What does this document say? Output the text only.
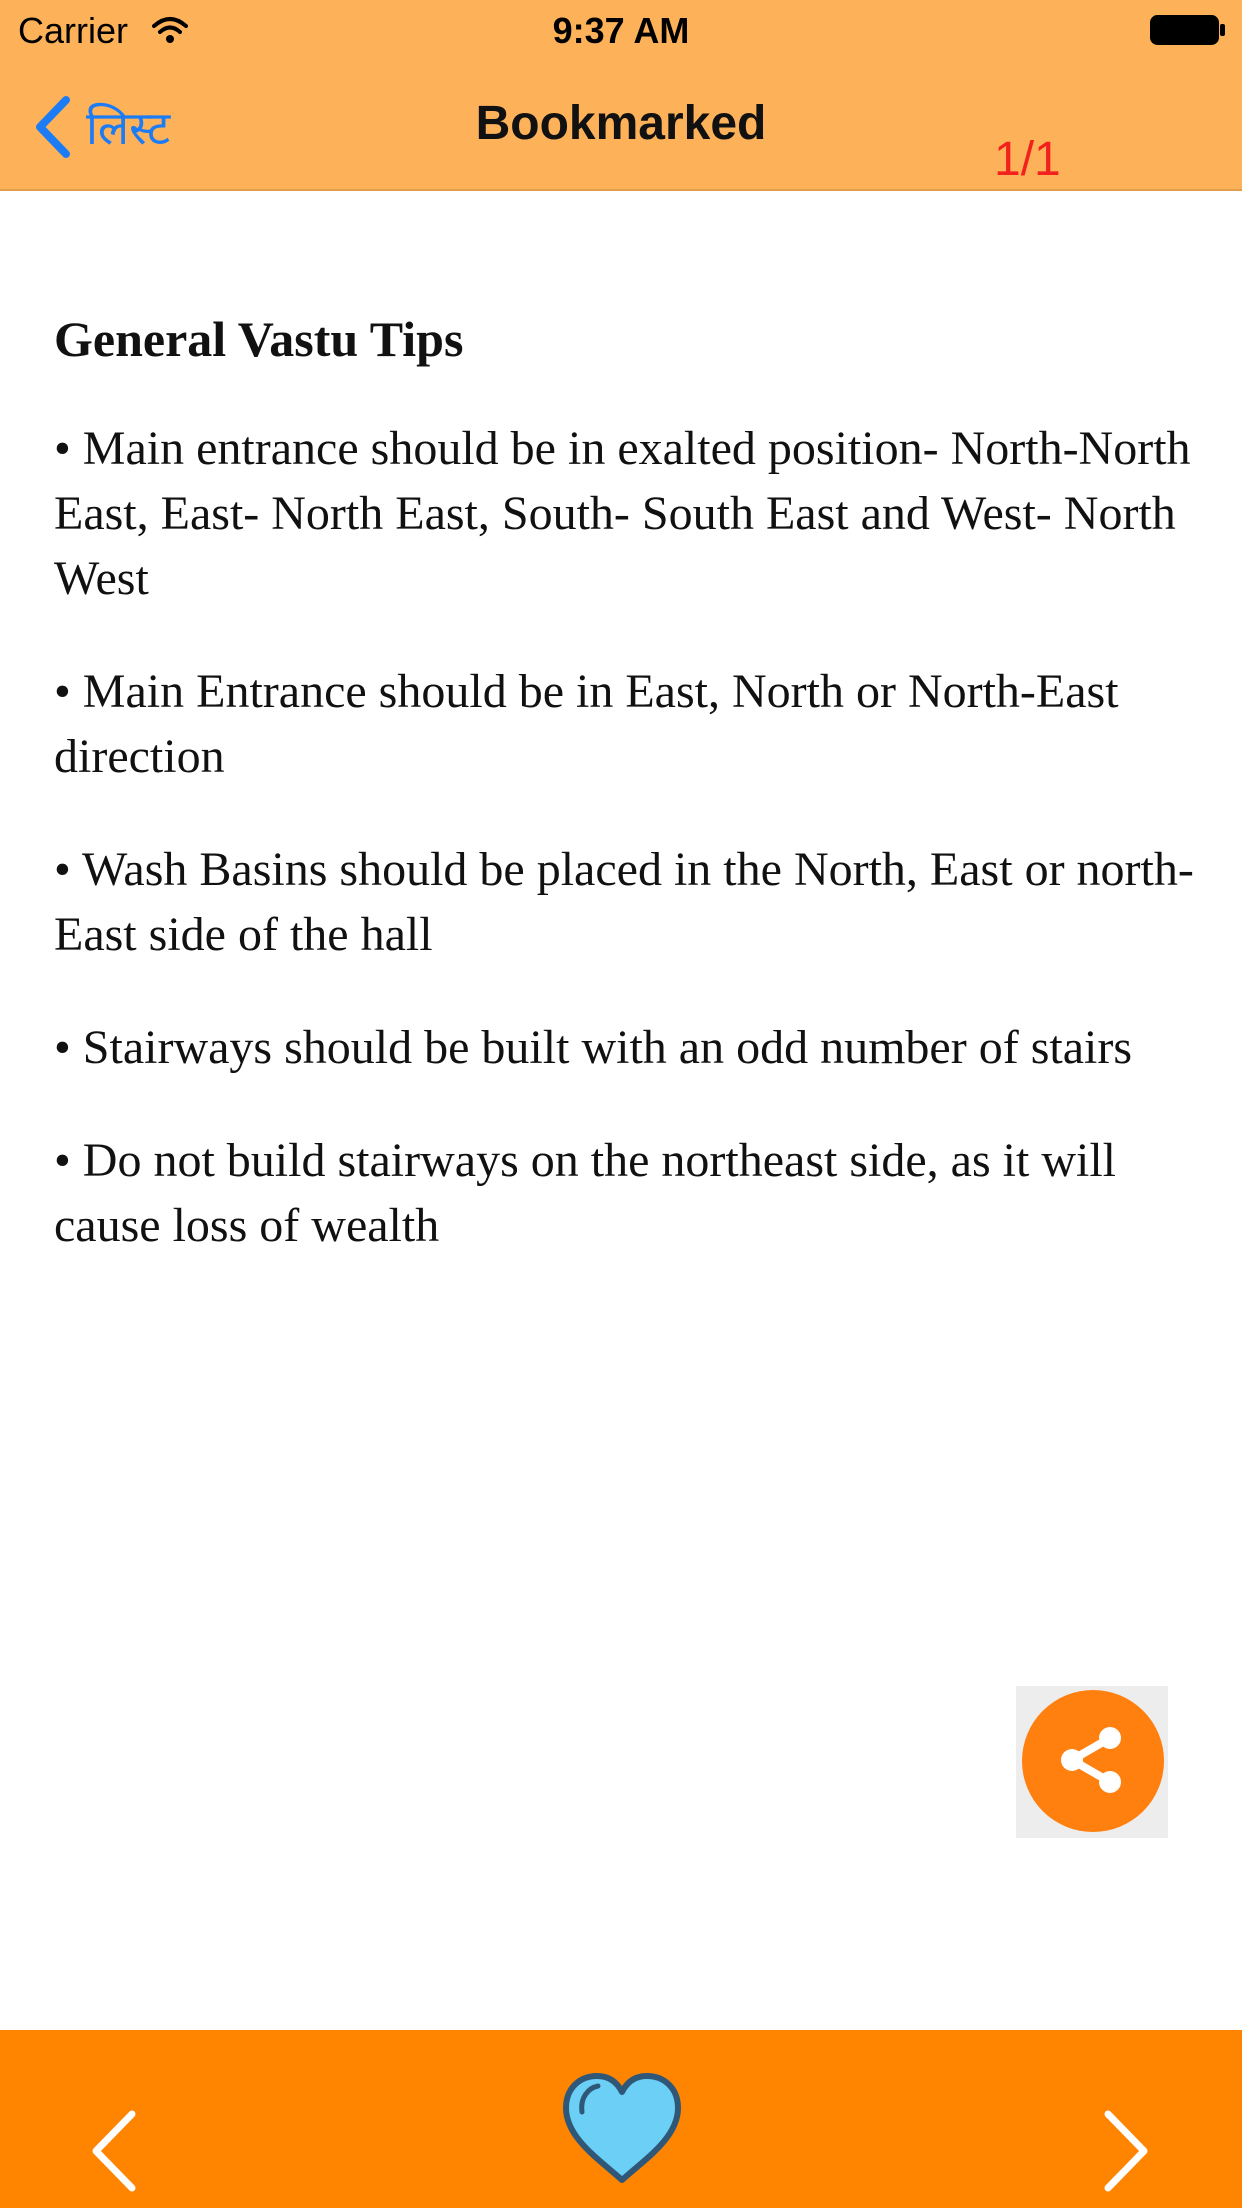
Carrier	9:37 AM
लिस्ट	Bookmarked
1/1

General Vastu Tips

• Main entrance should be in exalted position- North-North East, East- North East, South- South East and West- North West

• Main Entrance should be in East, North or North-East direction

• Wash Basins should be placed in the North, East or north-East side of the hall

• Stairways should be built with an odd number of stairs

• Do not build stairways on the northeast side, as it will cause loss of wealth
